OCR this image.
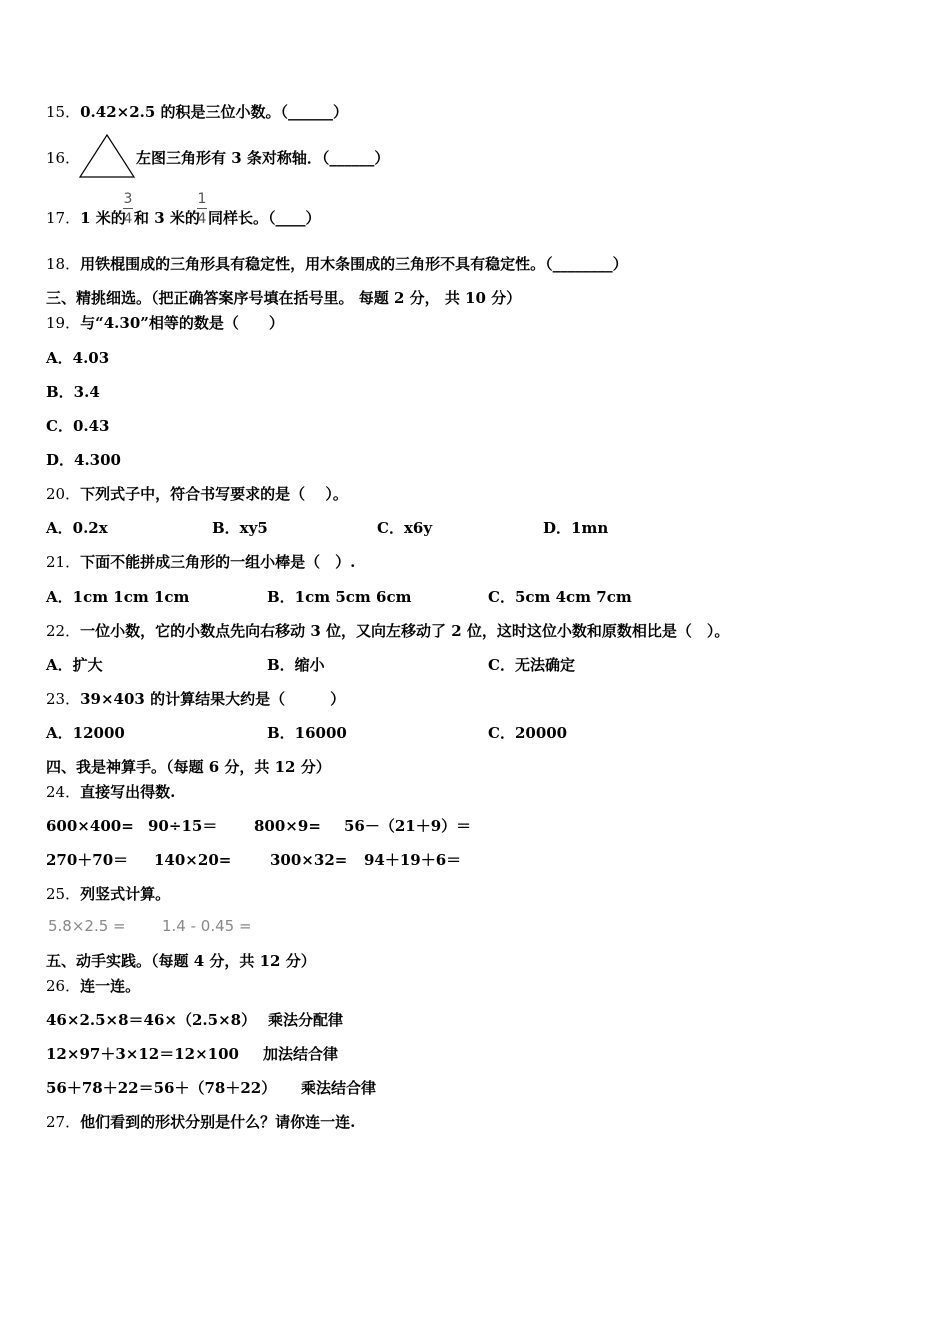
15．0.42×2.5 的积是三位小数。（______）
16．	左图三角形有 3 条对称轴．（______）
17．1 米的
3
4 和 3 米的
1
4 同样长。（____）
18．用铁棍围成的三角形具有稳定性，用木条围成的三角形不具有稳定性。（________）
三、精挑细选。（把正确答案序号填在括号里。 每题 2 分， 共 10 分）
19．与“4.30”相等的数是（　　）
A．4.03
B．3.4
C．0.43
D．4.300
20．下列式子中，符合书写要求的是（　 ）。
A．0.2x	B．xy5	C．x6y	D．1mn
21．下面不能拼成三角形的一组小棒是（　）.
A．1cm 1cm 1cm	B．1cm 5cm 6cm	C．5cm 4cm 7cm
22．一位小数，它的小数点先向右移动 3 位，又向左移动了 2 位，这时这位小数和原数相比是（　）。
A．扩大	B．缩小	C．无法确定
23．39×403 的计算结果大约是（　　　）
A．12000	B．16000	C．20000
四、我是神算手。（每题 6 分，共 12 分）
24．直接写出得数.
600×400= 90÷15＝ 800×9= 56－（21＋9）＝
270＋70＝ 140×20=	300×32= 94＋19＋6＝
25．列竖式计算。
5.8×2.5 = 1.4 - 0.45 =
五、动手实践。（每题 4 分，共 12 分）
26．连一连。
46×2.5×8＝46×（2.5×8） 乘法分配律
12×97＋3×12＝12×100 加法结合律
56＋78＋22＝56＋（78＋22） 乘法结合律
27．他们看到的形状分别是什么？请你连一连.
